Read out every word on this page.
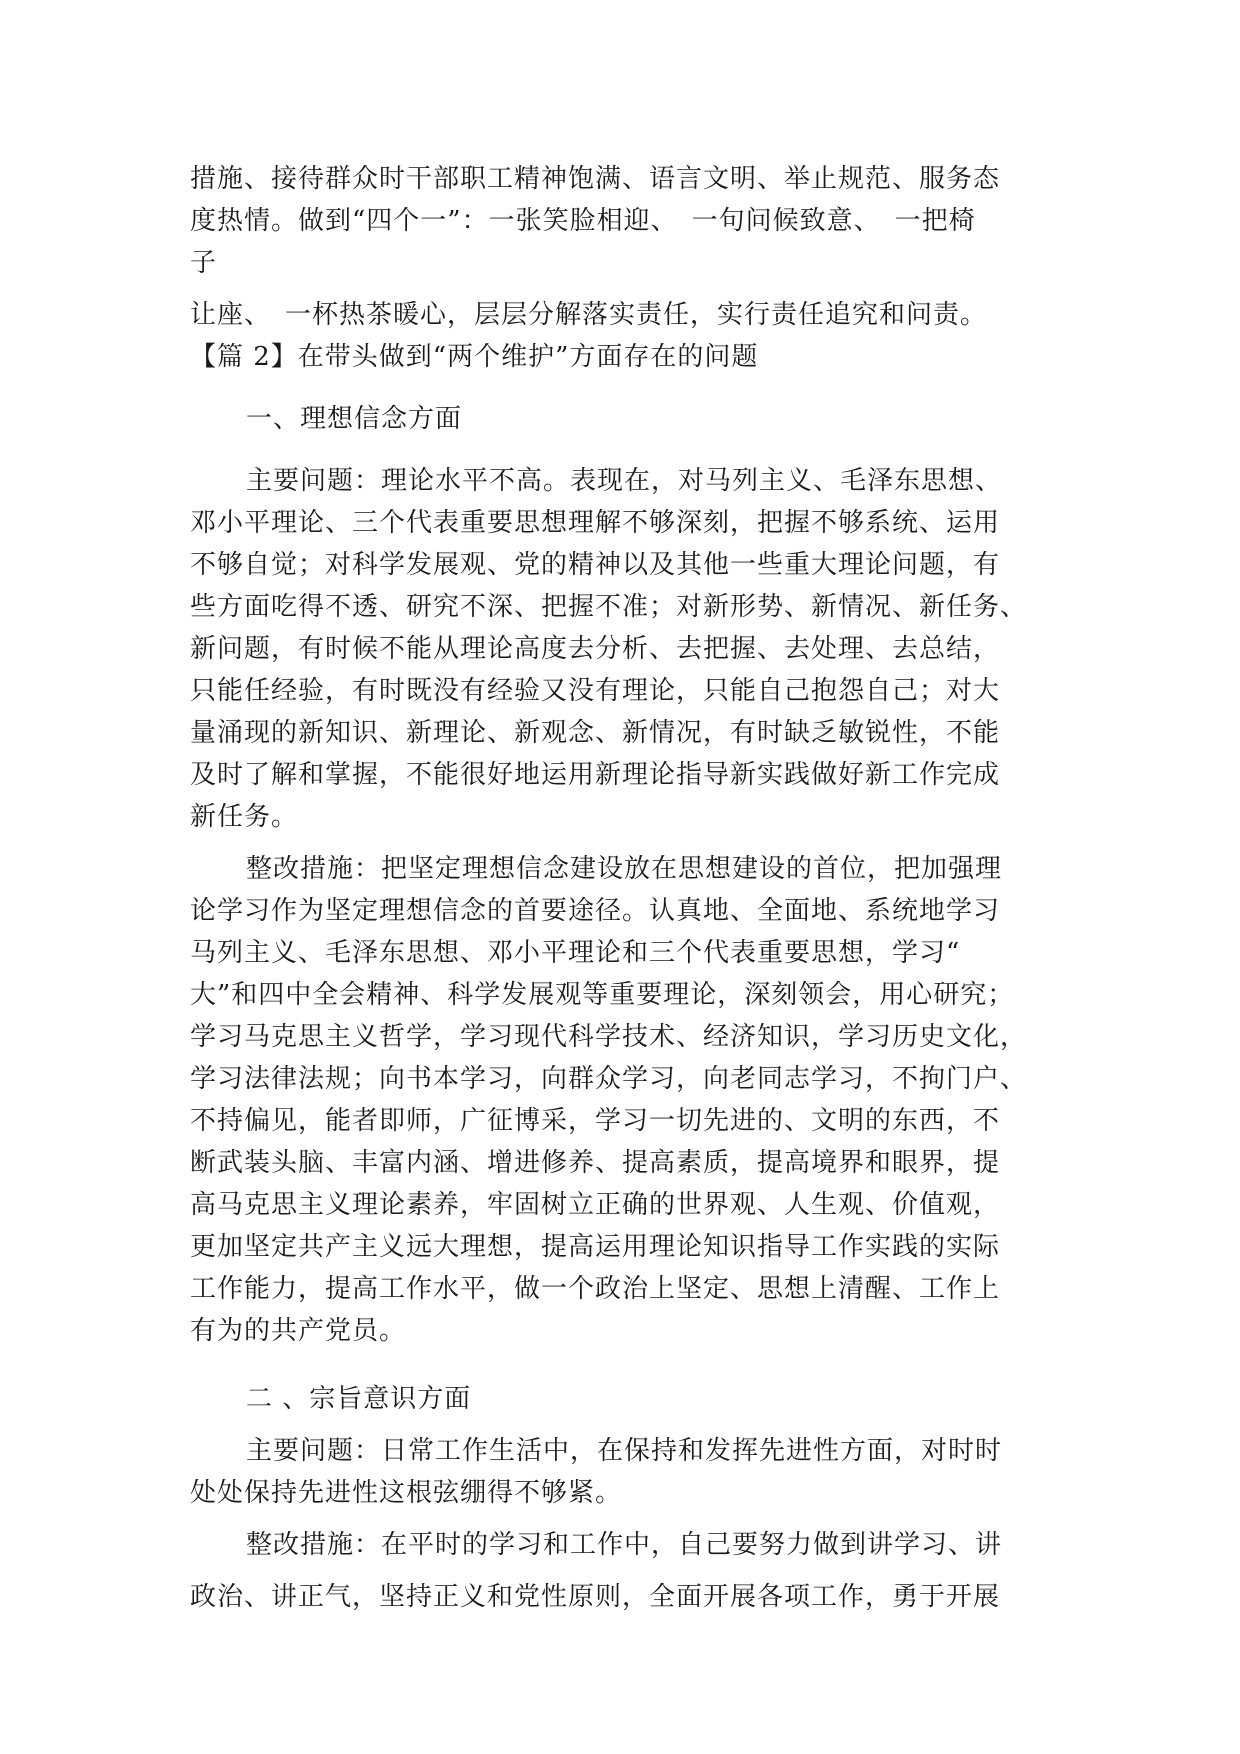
措施、接待群众时干部职工精神饱满、语言文明、举止规范、服务态
度热情。做到“四个一”：一张笑脸相迎、　一句问候致意、　一把椅
子
让座、　一杯热茶暖心，层层分解落实责任，实行责任追究和问责。
【篇 2】在带头做到“两个维护”方面存在的问题
一、理想信念方面
主要问题：理论水平不高。表现在，对马列主义、毛泽东思想、
邓小平理论、三个代表重要思想理解不够深刻，把握不够系统、运用
不够自觉；对科学发展观、党的精神以及其他一些重大理论问题，有
些方面吃得不透、研究不深、把握不准；对新形势、新情况、新任务、
新问题，有时候不能从理论高度去分析、去把握、去处理、去总结，
只能任经验，有时既没有经验又没有理论，只能自己抱怨自己；对大
量涌现的新知识、新理论、新观念、新情况，有时缺乏敏锐性，不能
及时了解和掌握，不能很好地运用新理论指导新实践做好新工作完成
新任务。
整改措施：把坚定理想信念建设放在思想建设的首位，把加强理
论学习作为坚定理想信念的首要途径。认真地、全面地、系统地学习
马列主义、毛泽东思想、邓小平理论和三个代表重要思想，学习“
大”和四中全会精神、科学发展观等重要理论，深刻领会，用心研究；
学习马克思主义哲学，学习现代科学技术、经济知识，学习历史文化，
学习法律法规；向书本学习，向群众学习，向老同志学习，不拘门户、
不持偏见，能者即师，广征博采，学习一切先进的、文明的东西，不
断武装头脑、丰富内涵、增进修养、提高素质，提高境界和眼界，提
高马克思主义理论素养，牢固树立正确的世界观、人生观、价值观，
更加坚定共产主义远大理想，提高运用理论知识指导工作实践的实际
工作能力，提高工作水平，做一个政治上坚定、思想上清醒、工作上
有为的共产党员。
二 、宗旨意识方面
主要问题：日常工作生活中，在保持和发挥先进性方面，对时时
处处保持先进性这根弦绷得不够紧。
整改措施：在平时的学习和工作中，自己要努力做到讲学习、讲
政治、讲正气，坚持正义和党性原则，全面开展各项工作，勇于开展
